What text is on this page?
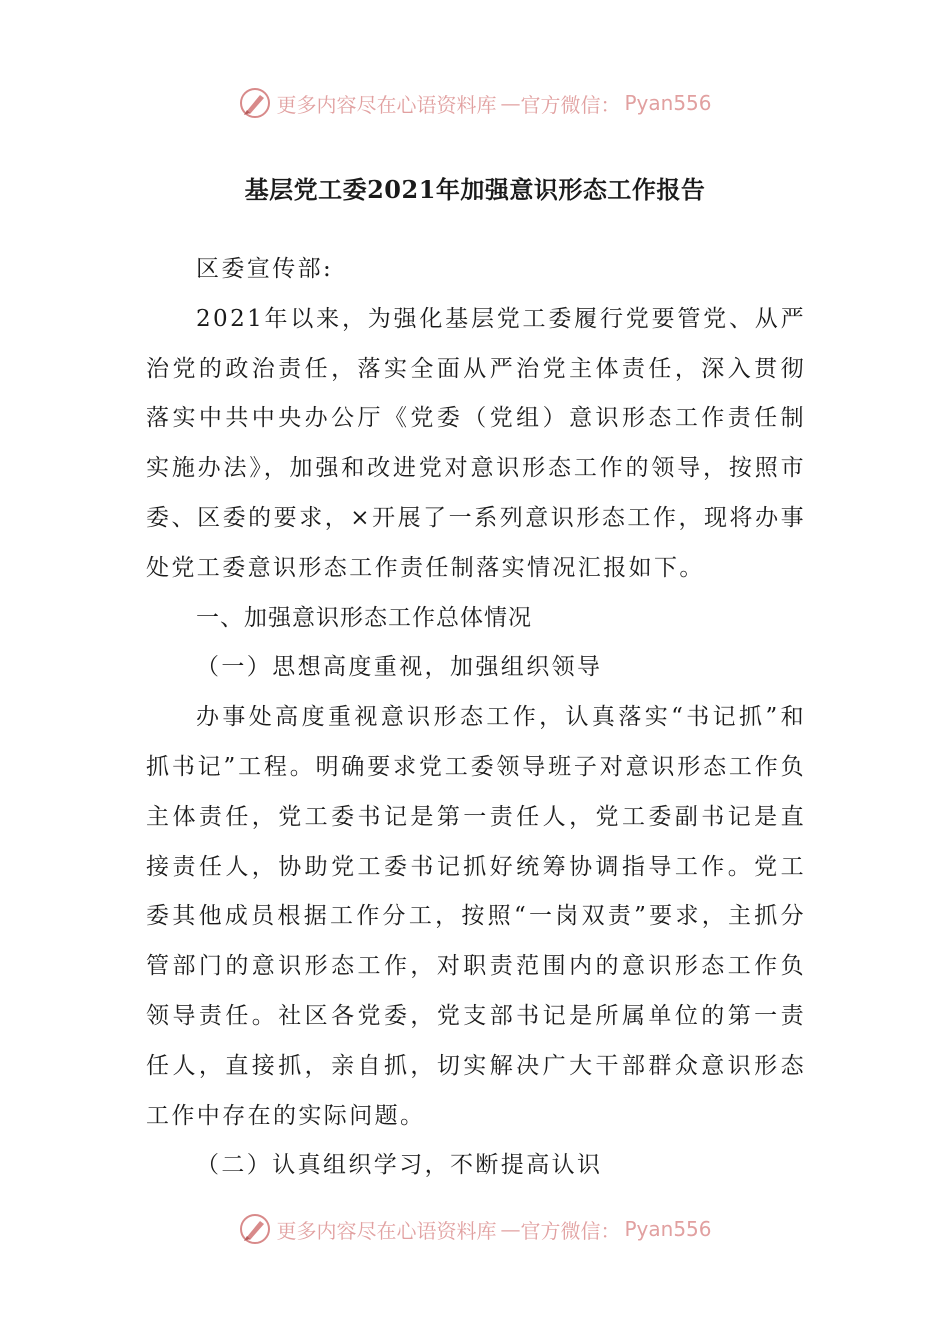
更多内容尽在心语资料库 — 官方微信： Pyan556
基层党工委2021年加强意识形态工作报告

区委宣传部:

2021年以来，为强化基层党工委履行党要管党、从严治党的政治责任，落实全面从严治党主体责任，深入贯彻落实中共中央办公厅《党委（党组）意识形态工作责任制实施办法》，加强和改进党对意识形态工作的领导，按照市委、区委的要求，×开展了一系列意识形态工作，现将办事处党工委意识形态工作责任制落实情况汇报如下。

一、加强意识形态工作总体情况

（一）思想高度重视，加强组织领导

办事处高度重视意识形态工作，认真落实“书记抓”和抓书记”工程。明确要求党工委领导班子对意识形态工作负主体责任，党工委书记是第一责任人，党工委副书记是直接责任人，协助党工委书记抓好统筹协调指导工作。党工委其他成员根据工作分工，按照“一岗双责”要求，主抓分管部门的意识形态工作，对职责范围内的意识形态工作负领导责任。社区各党委，党支部书记是所属单位的第一责任人，直接抓，亲自抓，切实解决广大干部群众意识形态工作中存在的实际问题。

（二）认真组织学习，不断提高认识

更多内容尽在心语资料库 — 官方微信： Pyan556
